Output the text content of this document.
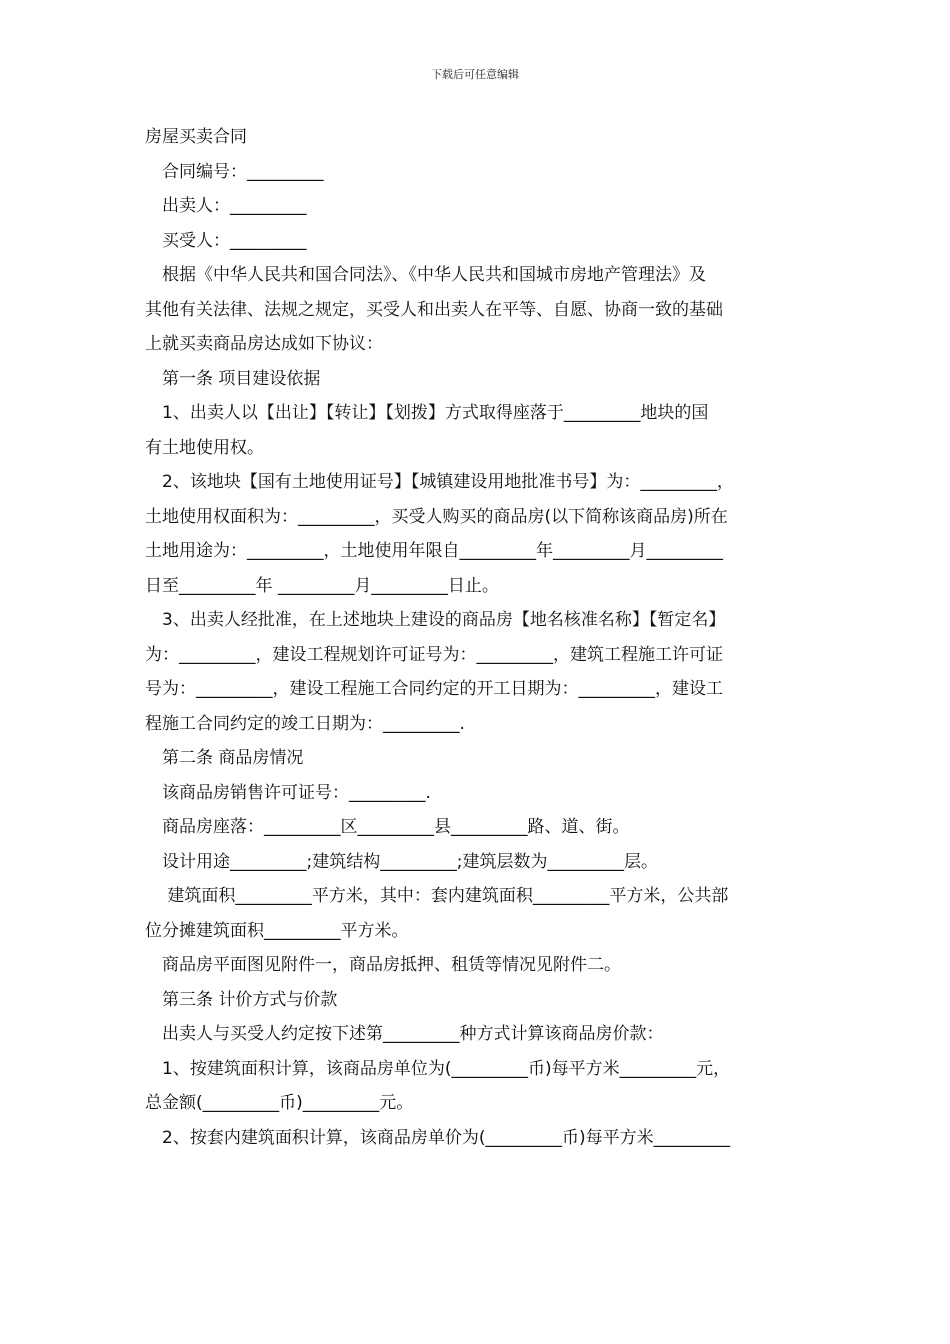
下载后可任意编辑
房屋买卖合同
合同编号：_________
出卖人：_________
买受人：_________
根据《中华人民共和国合同法》、《中华人民共和国城市房地产管理法》及
其他有关法律、法规之规定，买受人和出卖人在平等、自愿、协商一致的基础
上就买卖商品房达成如下协议：
第一条 项目建设依据
1、出卖人以【出让】【转让】【划拨】方式取得座落于_________地块的国
有土地使用权。
2、该地块【国有土地使用证号】【城镇建设用地批准书号】为：_________，
土地使用权面积为：_________，买受人购买的商品房(以下简称该商品房)所在
土地用途为：_________，土地使用年限自_________年_________月_________
日至_________年 _________月_________日止。
3、出卖人经批准，在上述地块上建设的商品房【地名核准名称】【暂定名】
为：_________，建设工程规划许可证号为：_________，建筑工程施工许可证
号为：_________，建设工程施工合同约定的开工日期为：_________，建设工
程施工合同约定的竣工日期为：_________.
第二条 商品房情况
该商品房销售许可证号：_________.
商品房座落：_________区_________县_________路、道、街。
设计用途_________;建筑结构_________;建筑层数为_________层。
建筑面积_________平方米，其中：套内建筑面积_________平方米，公共部
位分摊建筑面积_________平方米。
商品房平面图见附件一，商品房抵押、租赁等情况见附件二。
第三条 计价方式与价款
出卖人与买受人约定按下述第_________种方式计算该商品房价款：
1、按建筑面积计算，该商品房单位为(_________币)每平方米_________元，
总金额(_________币)_________元。
2、按套内建筑面积计算，该商品房单价为(_________币)每平方米_________
